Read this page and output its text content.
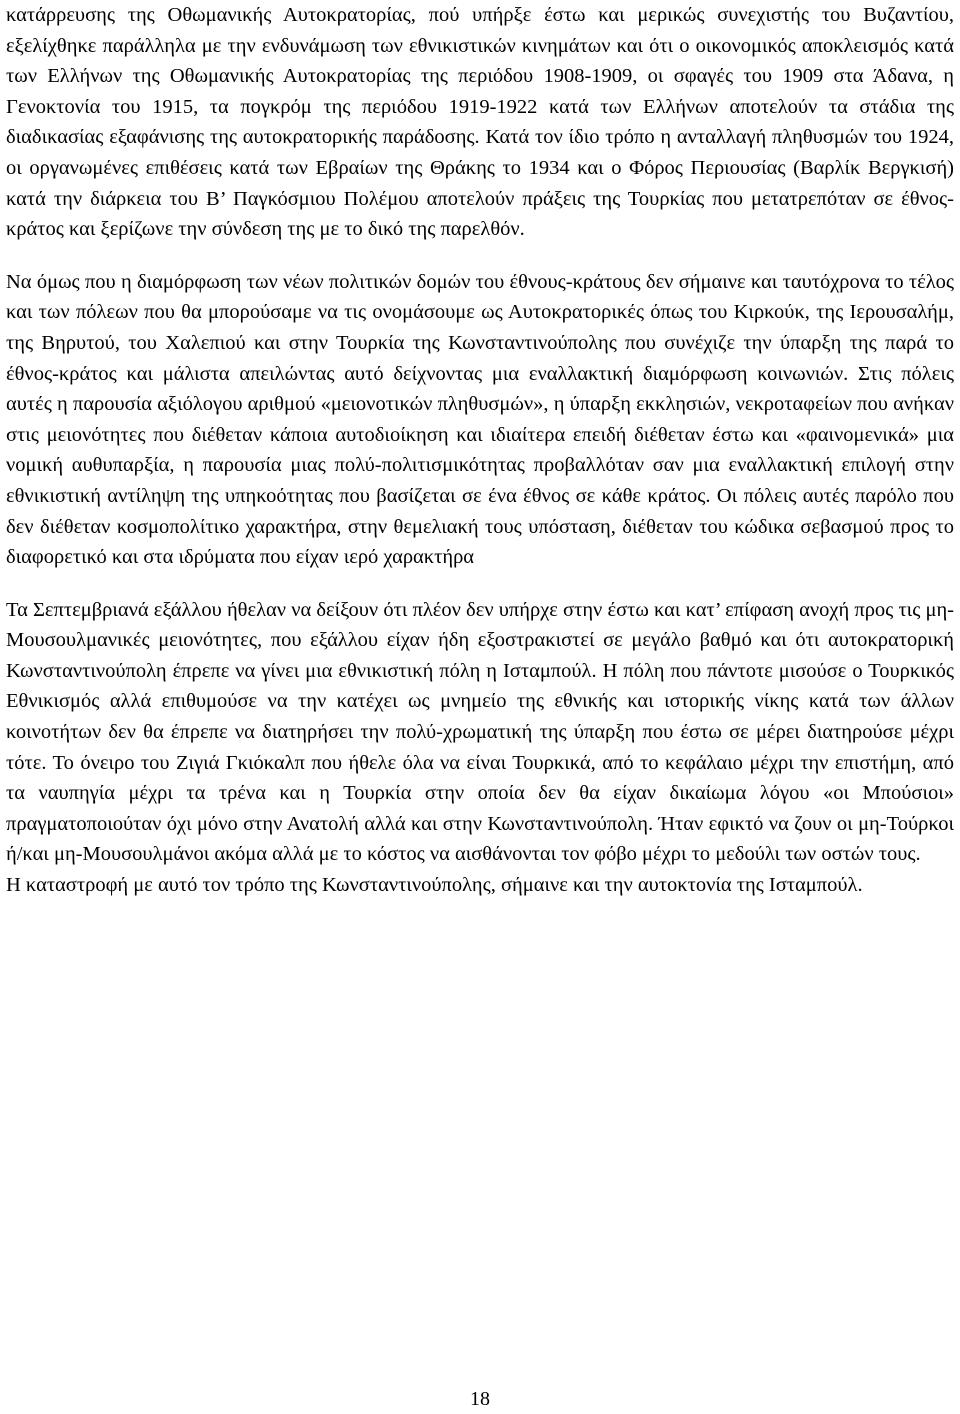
κατάρρευσης της Οθωμανικής Αυτοκρατορίας, πού υπήρξε έστω και μερικώς συνεχιστής του Βυζαντίου, εξελίχθηκε παράλληλα με την ενδυνάμωση των εθνικιστικών κινημάτων και ότι ο οικονομικός αποκλεισμός κατά των Ελλήνων της Οθωμανικής Αυτοκρατορίας της περιόδου 1908-1909, οι σφαγές του 1909 στα Άδανα, η Γενοκτονία του 1915, τα πογκρόμ της περιόδου 1919-1922 κατά των Ελλήνων αποτελούν τα στάδια της διαδικασίας εξαφάνισης της αυτοκρατορικής παράδοσης. Κατά τον ίδιο τρόπο η ανταλλαγή πληθυσμών του 1924, οι οργανωμένες επιθέσεις κατά των Εβραίων της Θράκης το 1934 και ο Φόρος Περιουσίας (Βαρλίκ Βεργκισή) κατά την διάρκεια του Β’ Παγκόσμιου Πολέμου αποτελούν πράξεις της Τουρκίας που μετατρεπόταν σε έθνος-κράτος και ξερίζωνε την σύνδεση της με το δικό της παρελθόν.

Να όμως που η διαμόρφωση των νέων πολιτικών δομών του έθνους-κράτους δεν σήμαινε και ταυτόχρονα το τέλος και των πόλεων που θα μπορούσαμε να τις ονομάσουμε ως Αυτοκρατορικές όπως του Κιρκούκ, της Ιερουσαλήμ, της Βηρυτού, του Χαλεπιού και στην Τουρκία της Κωνσταντινούπολης που συνέχιζε την ύπαρξη της παρά το έθνος-κράτος και μάλιστα απειλώντας αυτό δείχνοντας μια εναλλακτική διαμόρφωση κοινωνιών. Στις πόλεις αυτές η παρουσία αξιόλογου αριθμού «μειονοτικών πληθυσμών», η ύπαρξη εκκλησιών, νεκροταφείων που ανήκαν στις μειονότητες που διέθεταν κάποια αυτοδιοίκηση και ιδιαίτερα επειδή διέθεταν έστω και «φαινομενικά» μια νομική αυθυπαρξία, η παρουσία μιας πολύ-πολιτισμικότητας προβαλλόταν σαν μια εναλλακτική επιλογή στην εθνικιστική αντίληψη της υπηκοότητας που βασίζεται σε ένα έθνος σε κάθε κράτος. Οι πόλεις αυτές παρόλο που δεν διέθεταν κοσμοπολίτικο χαρακτήρα, στην θεμελιακή τους υπόσταση, διέθεταν του κώδικα σεβασμού προς το διαφορετικό και στα ιδρύματα που είχαν ιερό χαρακτήρα

Τα Σεπτεμβριανά εξάλλου ήθελαν να δείξουν ότι πλέον δεν υπήρχε στην έστω και κατ’ επίφαση ανοχή προς τις μη-Μουσουλμανικές μειονότητες, που εξάλλου είχαν ήδη εξοστρακιστεί σε μεγάλο βαθμό και ότι αυτοκρατορική Κωνσταντινούπολη έπρεπε να γίνει μια εθνικιστική πόλη η Ισταμπούλ. Η πόλη που πάντοτε μισούσε ο Τουρκικός Εθνικισμός αλλά επιθυμούσε να την κατέχει ως μνημείο της εθνικής και ιστορικής νίκης κατά των άλλων κοινοτήτων δεν θα έπρεπε να διατηρήσει την πολύ-χρωματική της ύπαρξη που έστω σε μέρει διατηρούσε μέχρι τότε. Το όνειρο του Ζιγιά Γκιόκαλπ που ήθελε όλα να είναι Τουρκικά, από το κεφάλαιο μέχρι την επιστήμη, από τα ναυπηγία μέχρι τα τρένα και η Τουρκία στην οποία δεν θα είχαν δικαίωμα λόγου «οι Μπούσιοι» πραγματοποιούταν όχι μόνο στην Ανατολή αλλά και στην Κωνσταντινούπολη. Ήταν εφικτό να ζουν οι μη-Τούρκοι ή/και μη-Μουσουλμάνοι ακόμα αλλά με το κόστος να αισθάνονται τον φόβο μέχρι το μεδούλι των οστών τους.

Η καταστροφή με αυτό τον τρόπο της Κωνσταντινούπολης, σήμαινε και την αυτοκτονία της Ισταμπούλ.

18
